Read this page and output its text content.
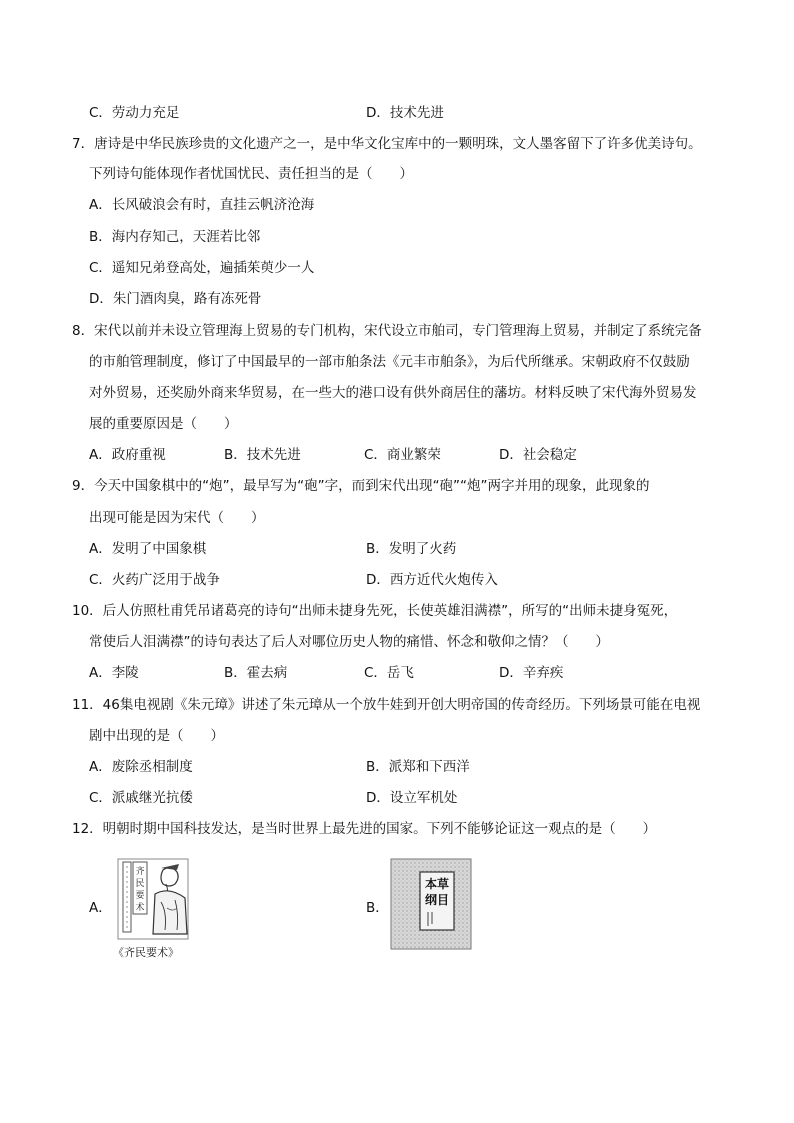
C．劳动力充足	D．技术先进
7．唐诗是中华民族珍贵的文化遗产之一，是中华文化宝库中的一颗明珠，文人墨客留下了许多优美诗句。
下列诗句能体现作者忧国忧民、责任担当的是（　　）
A．长风破浪会有时，直挂云帆济沧海
B．海内存知己，天涯若比邻
C．遥知兄弟登高处，遍插茱萸少一人
D．朱门酒肉臭，路有冻死骨
8．宋代以前并未设立管理海上贸易的专门机构，宋代设立市舶司，专门管理海上贸易，并制定了系统完备
的市舶管理制度，修订了中国最早的一部市舶条法《元丰市舶条》，为后代所继承。宋朝政府不仅鼓励
对外贸易，还奖励外商来华贸易，在一些大的港口设有供外商居住的藩坊。材料反映了宋代海外贸易发
展的重要原因是（　　）
A．政府重视	B．技术先进	C．商业繁荣	D．社会稳定
9．今天中国象棋中的“炮”，最早写为“砲”字，而到宋代出现“砲”“炮”两字并用的现象，此现象的
出现可能是因为宋代（　　）
A．发明了中国象棋	B．发明了火药
C．火药广泛用于战争	D．西方近代火炮传入
10．后人仿照杜甫凭吊诸葛亮的诗句“出师未捷身先死，长使英雄泪满襟”，所写的“出师未捷身冤死，
常使后人泪满襟”的诗句表达了后人对哪位历史人物的痛惜、怀念和敬仰之情？（　　）
A．李陵	B．霍去病	C．岳飞	D．辛弃疾
11．46集电视剧《朱元璋》讲述了朱元璋从一个放牛娃到开创大明帝国的传奇经历。下列场景可能在电视
剧中出现的是（　　）
A．废除丞相制度	B．派郑和下西洋
C．派戚继光抗倭	D．设立军机处
12．明朝时期中国科技发达，是当时世界上最先进的国家。下列不能够论证这一观点的是（　　）
A．
齐
民
要
术
《齐民要术》
B．
本草
纲目
